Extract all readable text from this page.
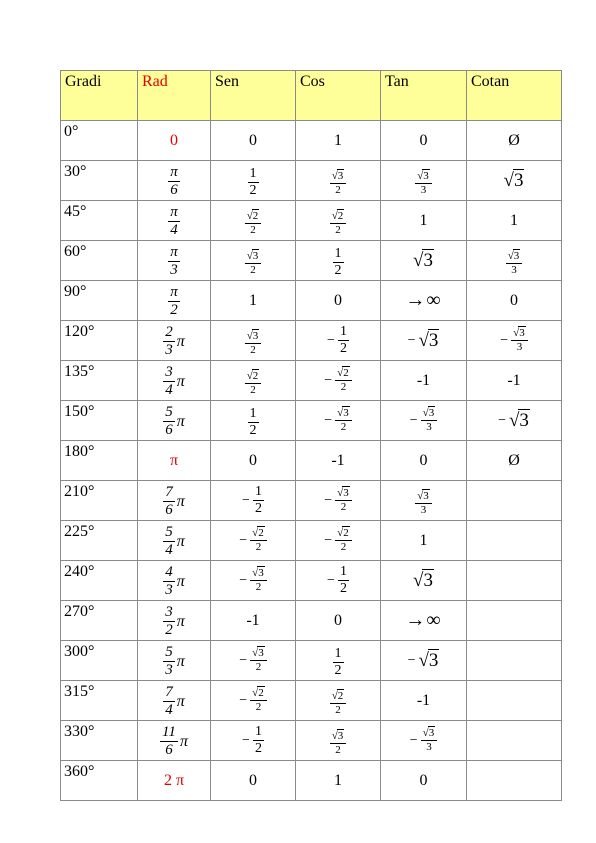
Gradi	Rad	Sen	Cos	Tan	Cotan
0°	0	0	1	0	Ø
30°	$\frac{\pi}{6}$	$\frac{1}{2}$	$\frac{√3}{2}$	$\frac{√3}{3}$	√3

45°	$\frac{\pi}{4}$	$\frac{√2}{2}$	$\frac{√2}{2}$	1	1
60°	$\frac{\pi}{3}$	$\frac{√3}{2}$	$\frac{1}{2}$	√3	$\frac{√3}{3}$

90°	$\frac{\pi}{2}$	1	0	→∞	0
120°	$\frac{2}{3}$ π	$\frac{√3}{2}$	− $\frac{1}{2}$	− √3	− $\frac{√3}{3}$

135°	$\frac{3}{4}$ π	$\frac{√2}{2}$	− $\frac{√2}{2}$	-1	-1
150°	$\frac{5}{6}$ π	$\frac{1}{2}$	− $\frac{√3}{2}$	− $\frac{√3}{3}$	− √3

180°	π	0	-1	0	Ø
210°	$\frac{7}{6}$ π	− $\frac{1}{2}$	− $\frac{√3}{2}$	$\frac{√3}{3}$

225°	$\frac{5}{4}$ π	− $\frac{√2}{2}$	− $\frac{√2}{2}$	1	
240°	$\frac{4}{3}$ π	− $\frac{√3}{2}$	− $\frac{1}{2}$	√3	

270°	$\frac{3}{2}$ π	-1	0	→∞	

300°	$\frac{5}{3}$ π	− $\frac{√3}{2}$	$\frac{1}{2}$	− √3	

315°	$\frac{7}{4}$ π	− $\frac{√2}{2}$	$\frac{√2}{2}$	-1	
330°	$\frac{11}{6}$ π	− $\frac{1}{2}$	$\frac{√3}{2}$	− $\frac{√3}{3}$

360°	2 π	0	1	0	
